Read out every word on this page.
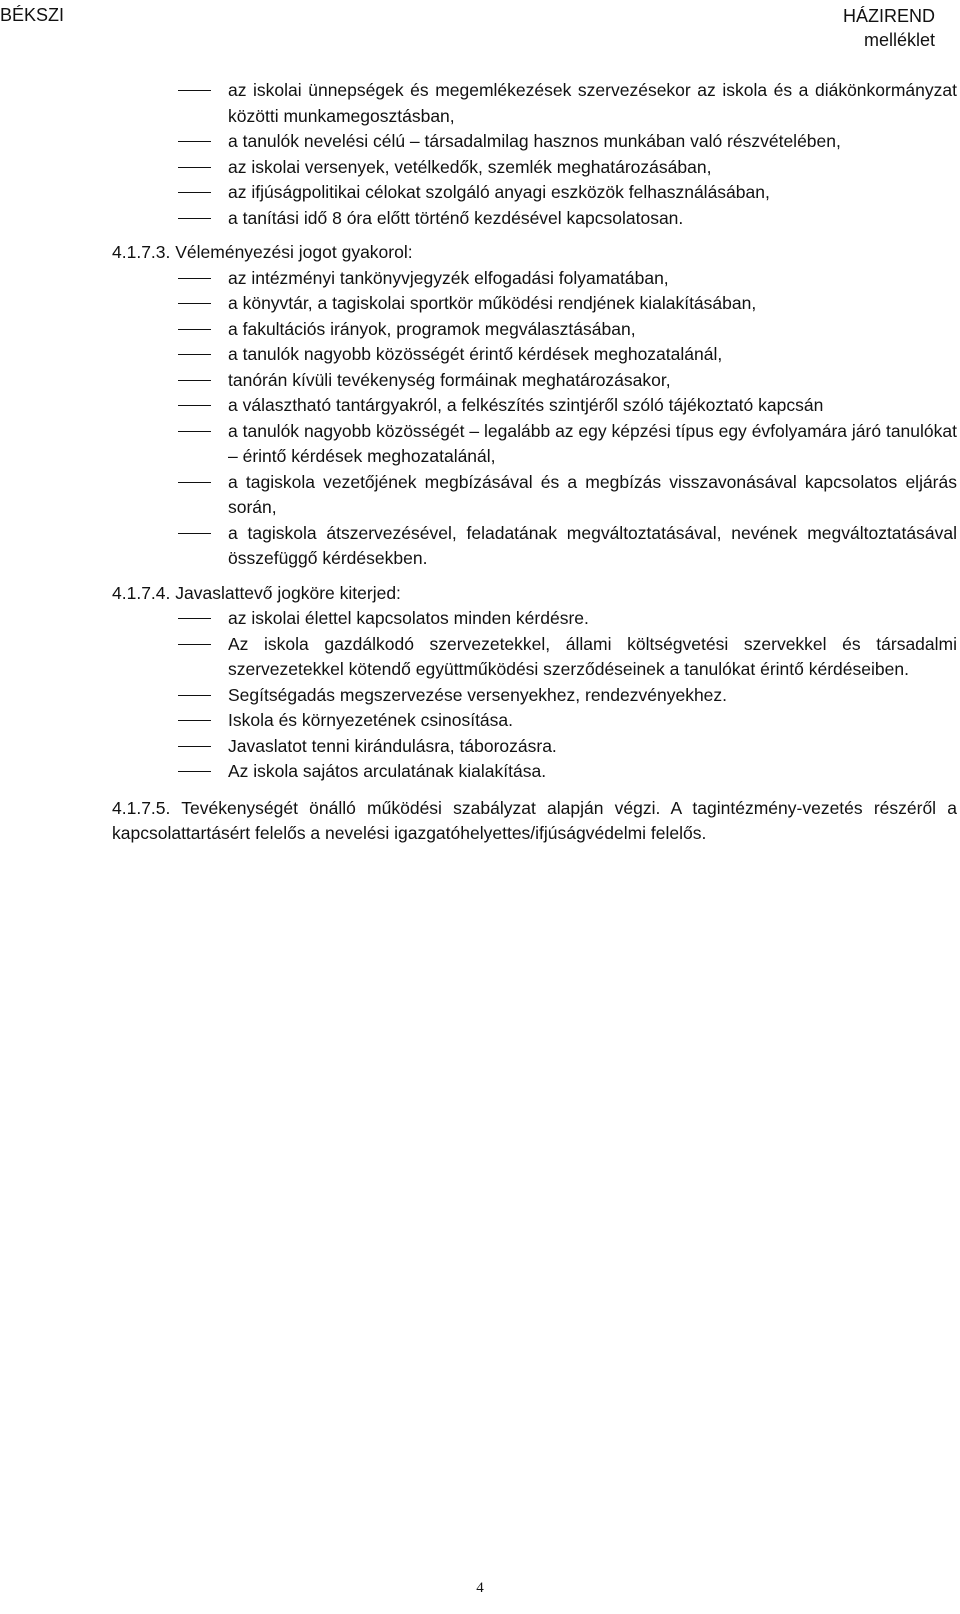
BÉKSZI	HÁZIREND
melléklet
az iskolai ünnepségek és megemlékezések szervezésekor az iskola és a diákönkormányzat közötti munkamegosztásban,
a tanulók nevelési célú – társadalmilag hasznos munkában való részvételében,
az iskolai versenyek, vetélkedők, szemlék meghatározásában,
az ifjúságpolitikai célokat szolgáló anyagi eszközök felhasználásában,
a tanítási idő 8 óra előtt történő kezdésével kapcsolatosan.
4.1.7.3. Véleményezési jogot gyakorol:
az intézményi tankönyvjegyzék elfogadási folyamatában,
a könyvtár, a tagiskolai sportkör működési rendjének kialakításában,
a fakultációs irányok, programok megválasztásában,
a tanulók nagyobb közösségét érintő kérdések meghozatalánál,
tanórán kívüli tevékenység formáinak meghatározásakor,
a választható tantárgyakról, a felkészítés szintjéről szóló tájékoztató kapcsán
a tanulók nagyobb közösségét – legalább az egy képzési típus egy évfolyamára járó tanulókat – érintő kérdések meghozatalánál,
a tagiskola vezetőjének megbízásával és a megbízás visszavonásával kapcsolatos eljárás során,
a tagiskola átszervezésével, feladatának megváltoztatásával, nevének megváltoztatásával összefüggő kérdésekben.
4.1.7.4. Javaslattevő jogköre kiterjed:
az iskolai élettel kapcsolatos minden kérdésre.
Az iskola gazdálkodó szervezetekkel, állami költségvetési szervekkel és társadalmi szervezetekkel kötendő együttműködési szerződéseinek a tanulókat érintő kérdéseiben.
Segítségadás megszervezése versenyekhez, rendezvényekhez.
Iskola és környezetének csinosítása.
Javaslatot tenni kirándulásra, táborozásra.
Az iskola sajátos arculatának kialakítása.
4.1.7.5. Tevékenységét önálló működési szabályzat alapján végzi. A tagintézmény-vezetés részéről a kapcsolattartásért felelős a nevelési igazgatóhelyettes/ifjúságvédelmi felelős.
4
